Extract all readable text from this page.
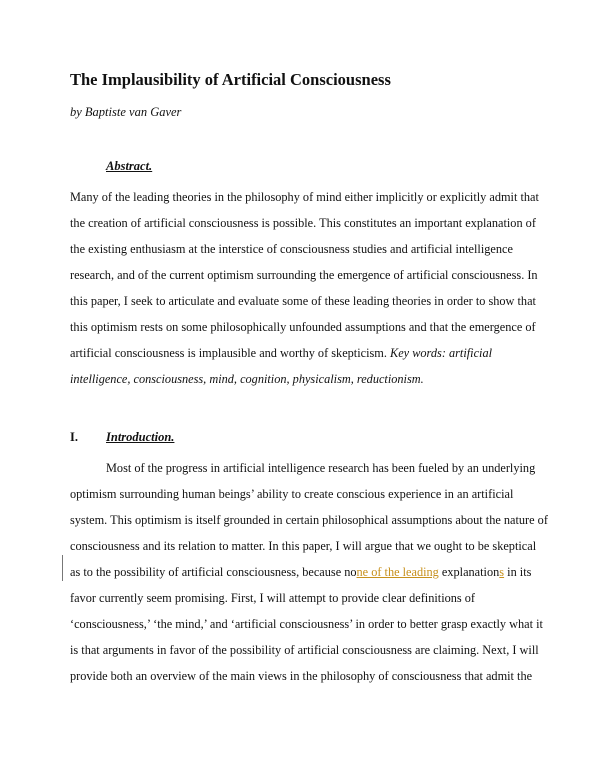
The Implausibility of Artificial Consciousness
by Baptiste van Gaver
Abstract.
Many of the leading theories in the philosophy of mind either implicitly or explicitly admit that
the creation of artificial consciousness is possible. This constitutes an important explanation of
the existing enthusiasm at the interstice of consciousness studies and artificial intelligence
research, and of the current optimism surrounding the emergence of artificial consciousness. In
this paper, I seek to articulate and evaluate some of these leading theories in order to show that
this optimism rests on some philosophically unfounded assumptions and that the emergence of
artificial consciousness is implausible and worthy of skepticism. Key words: artificial
intelligence, consciousness, mind, cognition, physicalism, reductionism.
I. Introduction.
Most of the progress in artificial intelligence research has been fueled by an underlying
optimism surrounding human beings’ ability to create conscious experience in an artificial
system. This optimism is itself grounded in certain philosophical assumptions about the nature of
consciousness and its relation to matter. In this paper, I will argue that we ought to be skeptical
as to the possibility of artificial consciousness, because none of the leading explanations in its
favor currently seem promising. First, I will attempt to provide clear definitions of
‘consciousness,’ ‘the mind,’ and ‘artificial consciousness’ in order to better grasp exactly what it
is that arguments in favor of the possibility of artificial consciousness are claiming. Next, I will
provide both an overview of the main views in the philosophy of consciousness that admit the
